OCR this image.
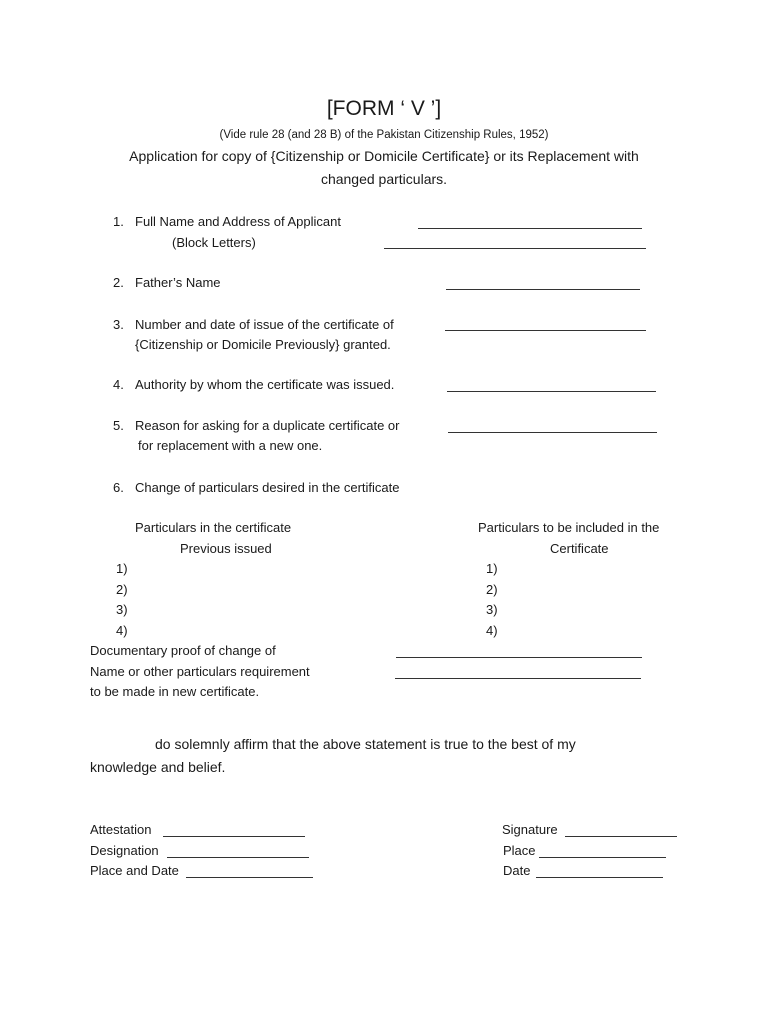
[FORM ‘ V ’]
(Vide rule 28 (and 28 B) of the Pakistan Citizenship Rules, 1952)
Application for copy of {Citizenship or Domicile Certificate} or its Replacement with
changed particulars.
1. Full Name and Address of Applicant
(Block Letters)
2. Father’s Name
3. Number and date of issue of the certificate of
{Citizenship or Domicile Previously} granted.
4. Authority by whom the certificate was issued.
5. Reason for asking for a duplicate certificate or
for replacement with a new one.
6. Change of particulars desired in the certificate
Particulars in the certificate
Previous issued
Particulars to be included in the
Certificate
1)
2)
3)
4)
1)
2)
3)
4)
Documentary proof of change of
Name or other particulars requirement
to be made in new certificate.
do solemnly affirm that the above statement is true to the best of my
knowledge and belief.
Attestation
Designation
Place and Date
Signature
Place
Date
